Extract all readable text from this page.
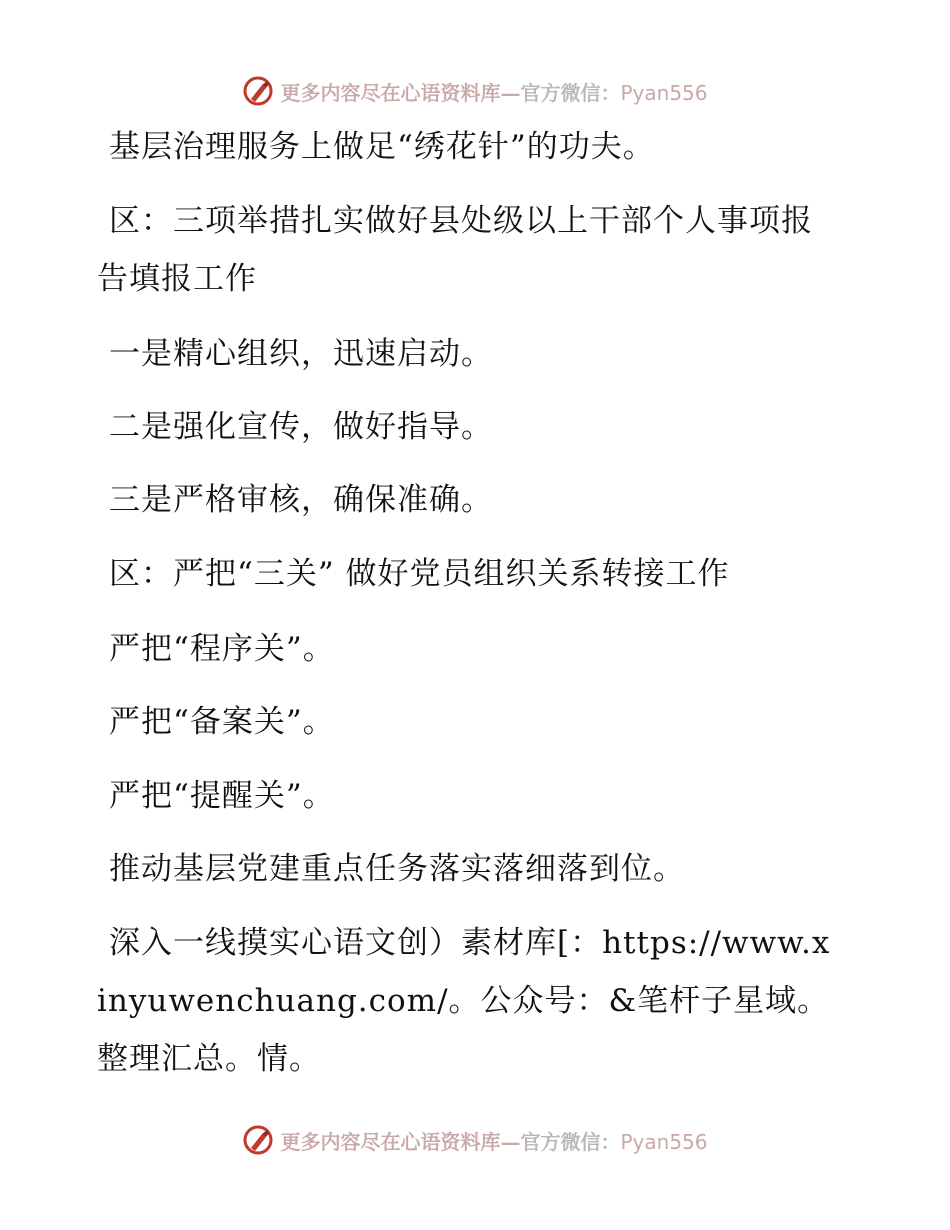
更多内容尽在心语资料库—官方微信：Pyan556
基层治理服务上做足“绣花针”的功夫。
区：三项举措扎实做好县处级以上干部个人事项报告填报工作
一是精心组织，迅速启动。
二是强化宣传，做好指导。
三是严格审核，确保准确。
区：严把“三关” 做好党员组织关系转接工作
严把“程序关”。
严把“备案关”。
严把“提醒关”。
推动基层党建重点任务落实落细落到位。
深入一线摸实心语文创）素材库[：https://www.xinyuwenchuang.com/。公众号：&笔杆子星域。整理汇总。情。
更多内容尽在心语资料库—官方微信：Pyan556
